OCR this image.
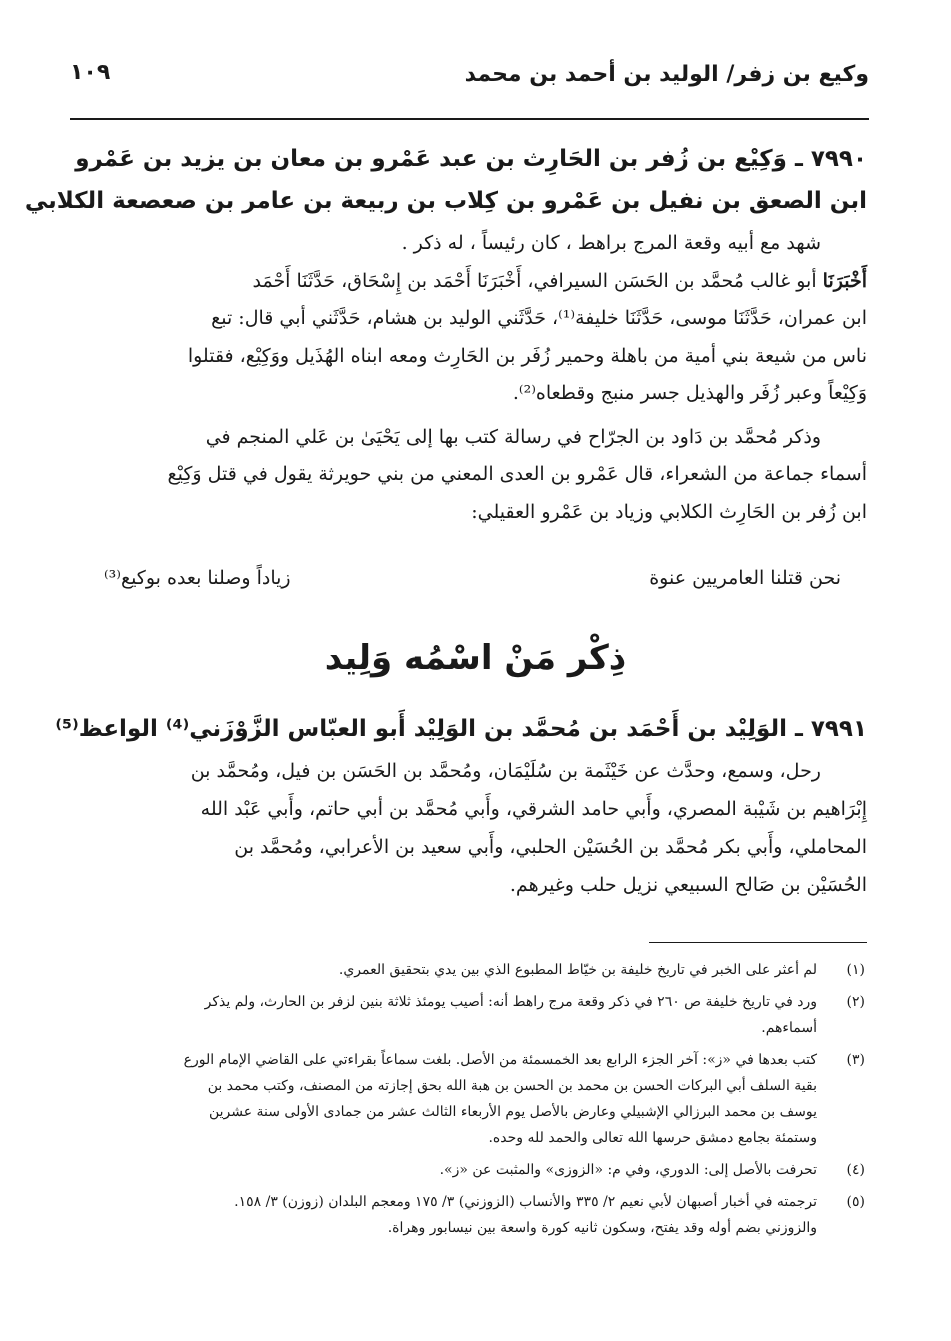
وكيع بن زفر/ الوليد بن أحمد بن محمد
١٠٩
٧٩٩٠ ـ وَكِيْع بن زُفر بن الحَارِث بن عبد عَمْرو بن معان بن يزيد بن عَمْرو
ابن الصعق بن نفيل بن عَمْرو بن كِلاب بن ربيعة بن عامر بن صعصعة الكلابي

شهد مع أبيه وقعة المرج براهط ، كان رئيساً ، له ذكر .

أَخْبَرَنَا أبو غالب مُحمَّد بن الحَسَن السيرافي، أَخْبَرَنَا أَحْمَد بن إِسْحَاق، حَدَّثَنَا أَحْمَد
ابن عمران، حَدَّثَنَا موسى، حَدَّثَنَا خليفة⁽¹⁾، حَدَّثَني الوليد بن هشام، حَدَّثَني أبي قال: تبع
ناس من شيعة بني أمية من باهلة وحمير زُفَر بن الحَارِث ومعه ابناه الهُذَيل ووَكِيْع، فقتلوا
وَكِيْعاً وعبر زُفَر والهذيل جسر منبج وقطعاه⁽²⁾.

وذكر مُحمَّد بن دَاود بن الجرّاح في رسالة كتب بها إلى يَحْيَىٰ بن عَلي المنجم في
أسماء جماعة من الشعراء، قال عَمْرو بن العدى المعني من بني حويرثة يقول في قتل وَكِيْع
ابن زُفر بن الحَارِث الكلابي وزياد بن عَمْرو العقيلي:

نحن قتلنا العامريين عنوة
زياداً وصلنا بعده بوكيع⁽³⁾
ذِكْر مَنْ اسْمُه وَلِيد
٧٩٩١ ـ الوَلِيْد بن أَحْمَد بن مُحمَّد بن الوَلِيْد أَبو العبّاس الزَّوْزَني⁽⁴⁾ الواعظ⁽⁵⁾

رحل، وسمع، وحدَّث عن خَيْثَمة بن سُلَيْمَان، ومُحمَّد بن الحَسَن بن فيل، ومُحمَّد بن
إِبْرَاهيم بن شَيْبة المصري، وأَبي حامد الشرقي، وأَبي مُحمَّد بن أبي حاتم، وأَبي عَبْد الله
المحاملي، وأَبي بكر مُحمَّد بن الحُسَيْن الحلبي، وأَبي سعيد بن الأعرابي، ومُحمَّد بن
الحُسَيْن بن صَالح السبيعي نزيل حلب وغيرهم.

(١)
لم أعثر على الخبر في تاريخ خليفة بن خيّاط المطبوع الذي بين يدي بتحقيق العمري.
(٢)
ورد في تاريخ خليفة ص ٢٦٠ في ذكر وقعة مرج راهط أنه: أصيب يومئذ ثلاثة بنين لزفر بن الحارث، ولم يذكر
أسماءهم.
(٣)
كتب بعدها في «ز»: آخر الجزء الرابع بعد الخمسمئة من الأصل. بلغت سماعاً بقراءتي على القاضي الإمام الورع
بقية السلف أبي البركات الحسن بن محمد بن الحسن بن هبة الله بحق إجازته من المصنف، وكتب محمد بن
يوسف بن محمد البرزالي الإشبيلي وعارض بالأصل يوم الأربعاء الثالث عشر من جمادى الأولى سنة عشرين
وستمئة بجامع دمشق حرسها الله تعالى والحمد لله وحده.
(٤)
تحرفت بالأصل إلى: الدوري، وفي م: «الزوزى» والمثبت عن «ز».
(٥)
ترجمته في أخبار أصبهان لأبي نعيم ٢/ ٣٣٥ والأنساب (الزوزني) ٣/ ١٧٥ ومعجم البلدان (زوزن) ٣/ ١٥٨.
والزوزني بضم أوله وقد يفتح، وسكون ثانيه كورة واسعة بين نيسابور وهراة.
